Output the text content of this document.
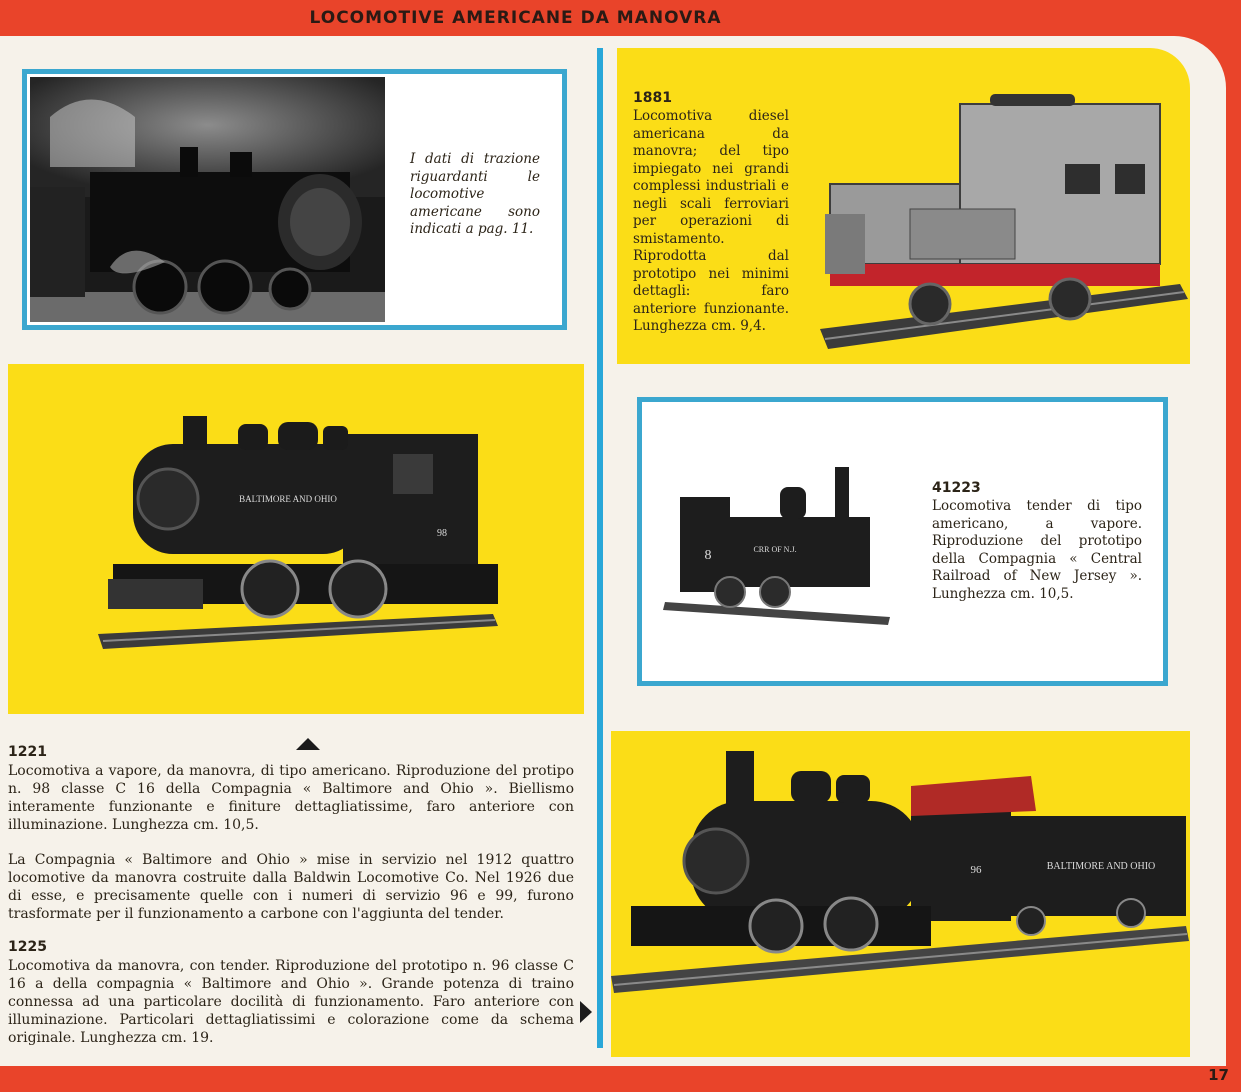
LOCOMOTIVE AMERICANE DA MANOVRA
I dati di trazione riguardanti le locomotive americane sono indicati a pag. 11.
BALTIMORE AND OHIO
98
1881
Locomotiva diesel americana da manovra; del tipo impiegato nei grandi complessi industriali e negli scali ferroviari per operazioni di smistamento. Riprodotta dal prototipo nei minimi dettagli: faro anteriore funzionante. Lunghezza cm. 9,4.
CRR OF N.J.
8
41223
Locomotiva tender di tipo americano, a vapore. Riproduzione del prototipo della Compagnia « Central Railroad of New Jersey ». Lunghezza cm. 10,5.
BALTIMORE AND OHIO
96
1221
Locomotiva a vapore, da manovra, di tipo americano. Riproduzione del protipo n. 98 classe C 16 della Compagnia « Baltimore and Ohio ». Biellismo interamente funzionante e finiture dettagliatissime, faro anteriore con illuminazione. Lunghezza cm. 10,5.
La Compagnia « Baltimore and Ohio » mise in servizio nel 1912 quattro locomotive da manovra costruite dalla Baldwin Locomotive Co. Nel 1926 due di esse, e precisamente quelle con i numeri di servizio 96 e 99, furono trasformate per il funzionamento a carbone con l'aggiunta del tender.
1225
Locomotiva da manovra, con tender. Riproduzione del prototipo n. 96 classe C 16 a della compagnia « Baltimore and Ohio ». Grande potenza di traino connessa ad una particolare docilità di funzionamento. Faro anteriore con illuminazione. Particolari dettagliatissimi e colorazione come da schema originale. Lunghezza cm. 19.
17
